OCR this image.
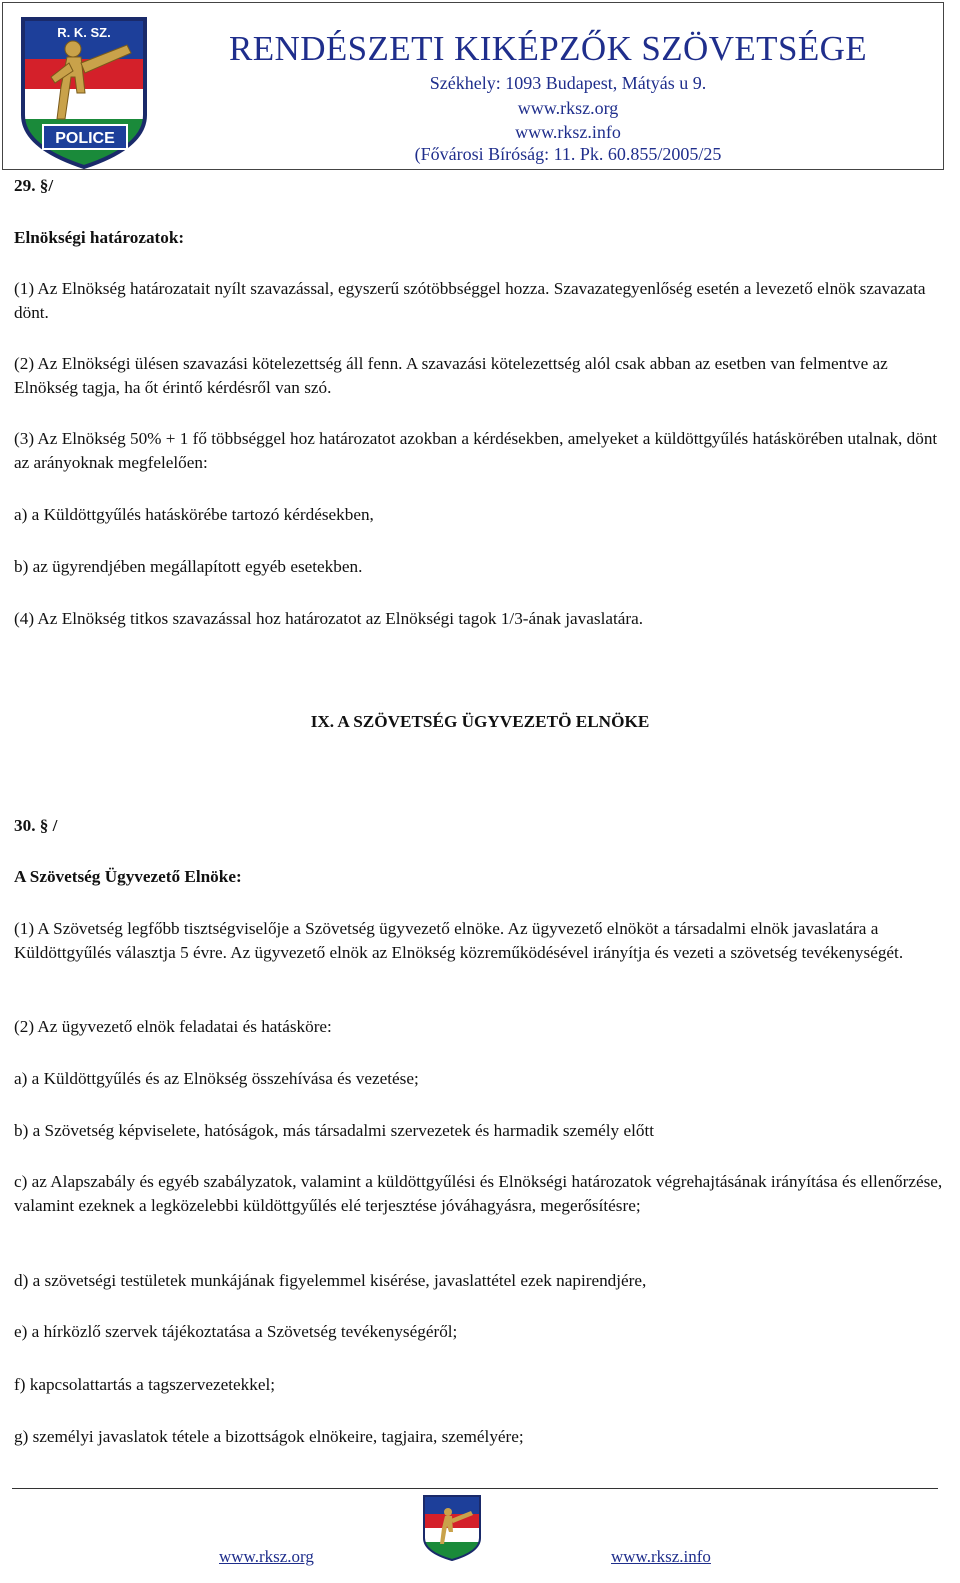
POLICE
R. K. SZ.	RENDÉSZETI KIKÉPZŐK SZÖVETSÉGE
Székhely: 1093 Budapest, Mátyás u 9.
www.rksz.org
www.rksz.info
(Fővárosi Bíróság: 11. Pk. 60.855/2005/25
29. §/
Elnökségi határozatok:
(1) Az Elnökség határozatait nyílt szavazással, egyszerű szótöbbséggel hozza. Szavazategyenlőség esetén a levezető elnök szavazata dönt.
(2) Az Elnökségi ülésen szavazási kötelezettség áll fenn. A szavazási kötelezettség alól csak abban az esetben van felmentve az Elnökség tagja, ha őt érintő kérdésről van szó.
(3) Az Elnökség 50% + 1 fő többséggel hoz határozatot azokban a kérdésekben, amelyeket a küldöttgyűlés hatáskörében utalnak, dönt az arányoknak megfelelően:
a) a Küldöttgyűlés hatáskörébe tartozó kérdésekben,
b) az ügyrendjében megállapított egyéb esetekben.
(4) Az Elnökség titkos szavazással hoz határozatot az Elnökségi tagok 1/3-ának javaslatára.
IX. A SZÖVETSÉG ÜGYVEZETÖ ELNÖKE
30. § /
A Szövetség Ügyvezető Elnöke:
(1) A Szövetség legfőbb tisztségviselője a Szövetség ügyvezető elnöke. Az ügyvezető elnököt a társadalmi elnök javaslatára a Küldöttgyűlés választja 5 évre. Az ügyvezető elnök az Elnökség közreműködésével irányítja és vezeti a szövetség tevékenységét.
(2) Az ügyvezető elnök feladatai és hatásköre:
a) a Küldöttgyűlés és az Elnökség összehívása és vezetése;
b) a Szövetség képviselete, hatóságok, más társadalmi szervezetek és harmadik személy előtt
c) az Alapszabály és egyéb szabályzatok, valamint a küldöttgyűlési és Elnökségi határozatok végrehajtásának irányítása és ellenőrzése, valamint ezeknek a legközelebbi küldöttgyűlés elé terjesztése jóváhagyásra, megerősítésre;
d) a szövetségi testületek munkájának figyelemmel kisérése, javaslattétel ezek napirendjére,
e) a hírközlő szervek tájékoztatása a Szövetség tevékenységéről;
f) kapcsolattartás a tagszervezetekkel;
g) személyi javaslatok tétele a bizottságok elnökeire, tagjaira, személyére;
www.rksz.org	www.rksz.info
